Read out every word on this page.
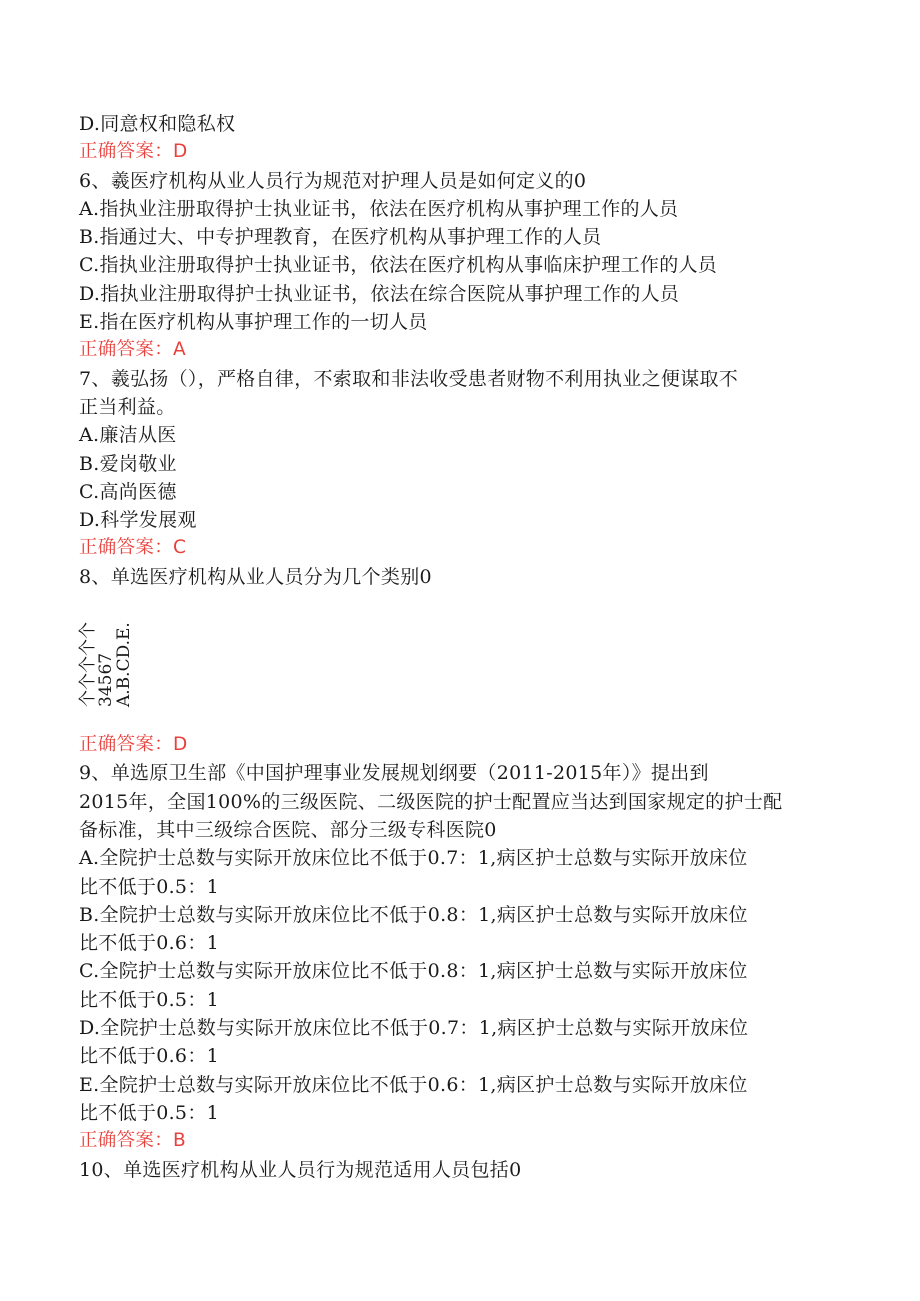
D.同意权和隐私权
正确答案：D
6、羲医疗机构从业人员行为规范对护理人员是如何定义的0
A.指执业注册取得护士执业证书，依法在医疗机构从事护理工作的人员
B.指通过大、中专护理教育，在医疗机构从事护理工作的人员
C.指执业注册取得护士执业证书，依法在医疗机构从事临床护理工作的人员
D.指执业注册取得护士执业证书，依法在综合医院从事护理工作的人员
E.指在医疗机构从事护理工作的一切人员
正确答案：A
7、羲弘扬（），严格自律，不索取和非法收受患者财物不利用执业之便谋取不
正当利益。
A.廉洁从医
B.爱岗敬业
C.高尚医德
D.科学发展观
正确答案：C
8、单选医疗机构从业人员分为几个类别0
个个个个个
34567
A.B.CD.E.
正确答案：D
9、单选原卫生部《中国护理事业发展规划纲要（2011-2015年）》提出到
2015年，全国100%的三级医院、二级医院的护士配置应当达到国家规定的护士配
备标准，其中三级综合医院、部分三级专科医院0
A.全院护士总数与实际开放床位比不低于0.7：1,病区护士总数与实际开放床位
比不低于0.5：1
B.全院护士总数与实际开放床位比不低于0.8：1,病区护士总数与实际开放床位
比不低于0.6：1
C.全院护士总数与实际开放床位比不低于0.8：1,病区护士总数与实际开放床位
比不低于0.5：1
D.全院护士总数与实际开放床位比不低于0.7：1,病区护士总数与实际开放床位
比不低于0.6：1
E.全院护士总数与实际开放床位比不低于0.6：1,病区护士总数与实际开放床位
比不低于0.5：1
正确答案：B
10、单选医疗机构从业人员行为规范适用人员包括0
